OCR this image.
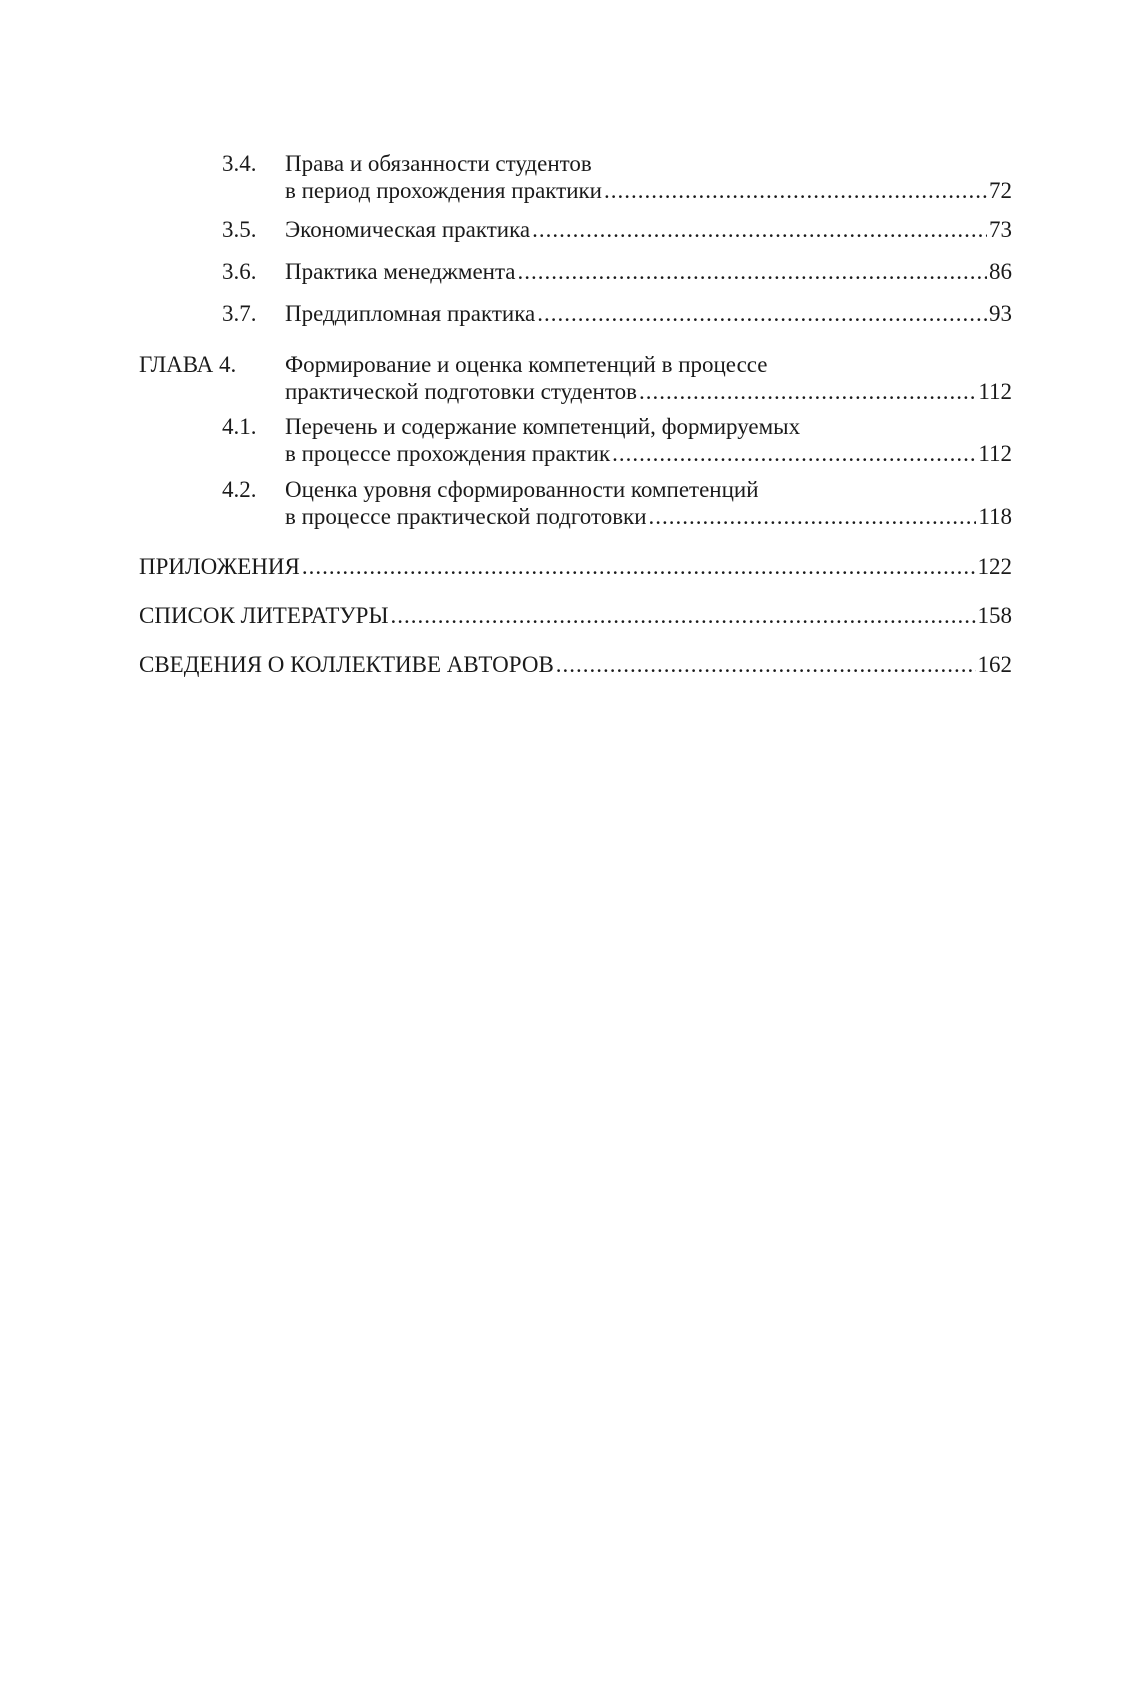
3.4.	Права и обязанности студентов
в период прохождения практики .....	72
3.5.	Экономическая практика .....	73
3.6.	Практика менеджмента .....	86
3.7.	Преддипломная практика .....	93
ГЛАВА 4.	Формирование и оценка компетенций в процессе
практической подготовки студентов .....	112
4.1.	Перечень и содержание компетенций, формируемых
в процессе прохождения практик .....	112
4.2.	Оценка уровня сформированности компетенций
в процессе практической подготовки .....	118
ПРИЛОЖЕНИЯ .....	122
СПИСОК ЛИТЕРАТУРЫ .....	158
СВЕДЕНИЯ О КОЛЛЕКТИВЕ АВТОРОВ .....	162
